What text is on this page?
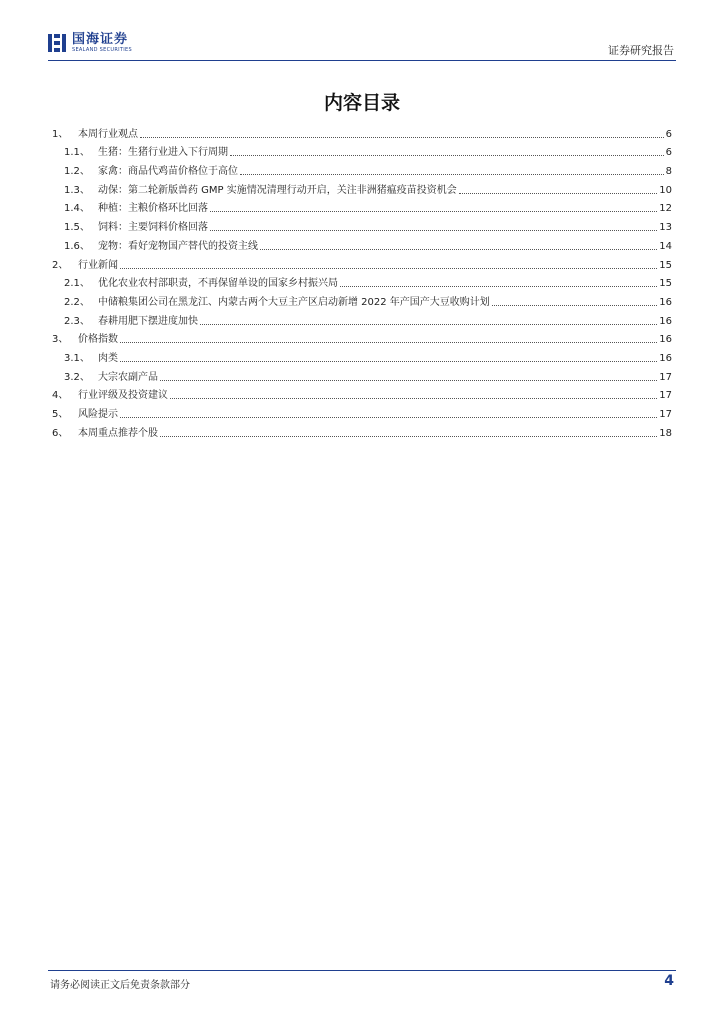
国海证券
SEALAND SECURITIES	证券研究报告
内容目录
1、 本周行业观点	6
1.1、 生猪：生猪行业进入下行周期	6
1.2、 家禽：商品代鸡苗价格位于高位	8
1.3、 动保：第二轮新版兽药 GMP 实施情况清理行动开启，关注非洲猪瘟疫苗投资机会	10
1.4、 种植：主粮价格环比回落	12
1.5、 饲料：主要饲料价格回落	13
1.6、 宠物：看好宠物国产替代的投资主线	14
2、 行业新闻	15
2.1、 优化农业农村部职责，不再保留单设的国家乡村振兴局	15
2.2、 中储粮集团公司在黑龙江、内蒙古两个大豆主产区启动新增 2022 年产国产大豆收购计划	16
2.3、 春耕用肥下摆进度加快	16
3、 价格指数	16
3.1、 肉类	16
3.2、 大宗农副产品	17
4、 行业评级及投资建议	17
5、 风险提示	17
6、 本周重点推荐个股	18
请务必阅读正文后免责条款部分	4
